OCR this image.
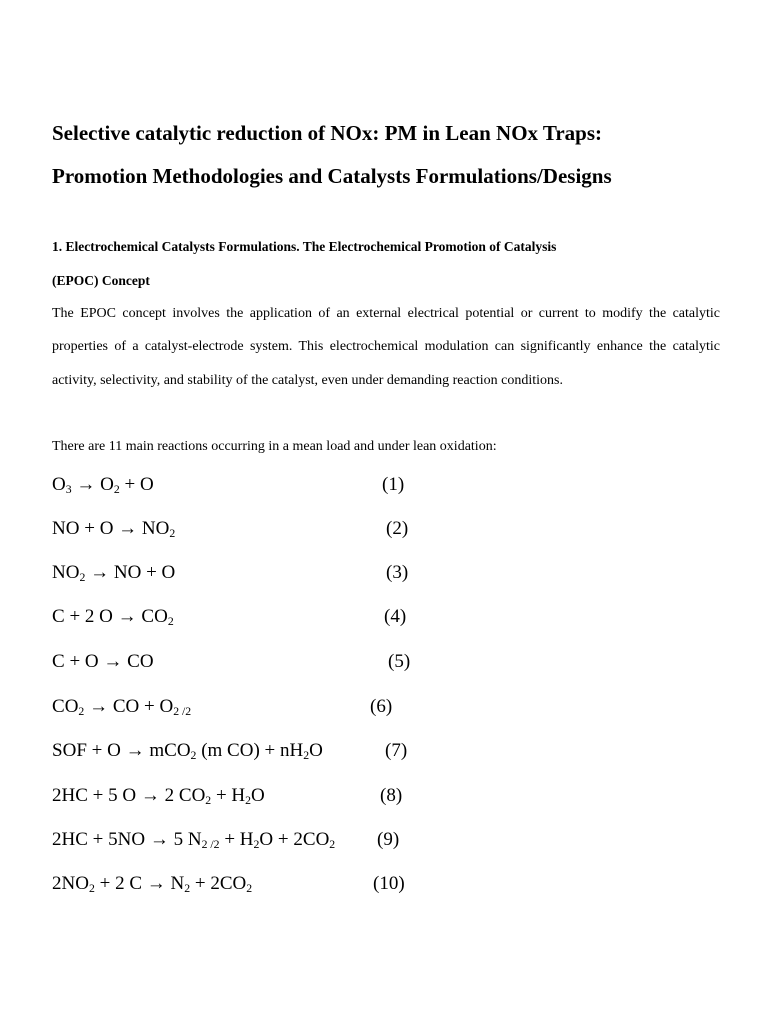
Selective catalytic reduction of NOx: PM in Lean NOx Traps:
Promotion Methodologies and Catalysts Formulations/Designs
1. Electrochemical Catalysts Formulations. The Electrochemical Promotion of Catalysis
(EPOC) Concept

The EPOC concept involves the application of an external electrical potential or current to modify the catalytic properties of a catalyst-electrode system. This electrochemical modulation can significantly enhance the catalytic activity, selectivity, and stability of the catalyst, even under demanding reaction conditions.

There are 11 main reactions occurring in a mean load and under lean oxidation:

$O_3 \to O_2 + O$	(1)
NO + $O \to NO_2$	(2)
$NO_2$ → NO + O	(3)
C + 2 $O \to CO_2$	(4)
C + O → CO	(5)
$CO_2$ → CO + $O_{2 /2}$	(6)
SOF + O → mCO$_2$ (m $CO) + nH_2O$	(7)
2HC + 5 O → 2 $CO_2 + H_2O$	(8)
2HC + 5NO → 5 $N_{2 /2} + H_2O + 2CO_2$ (9)
$2NO_2 + 2$ $C \to N_2 + 2CO_2$	(10)
